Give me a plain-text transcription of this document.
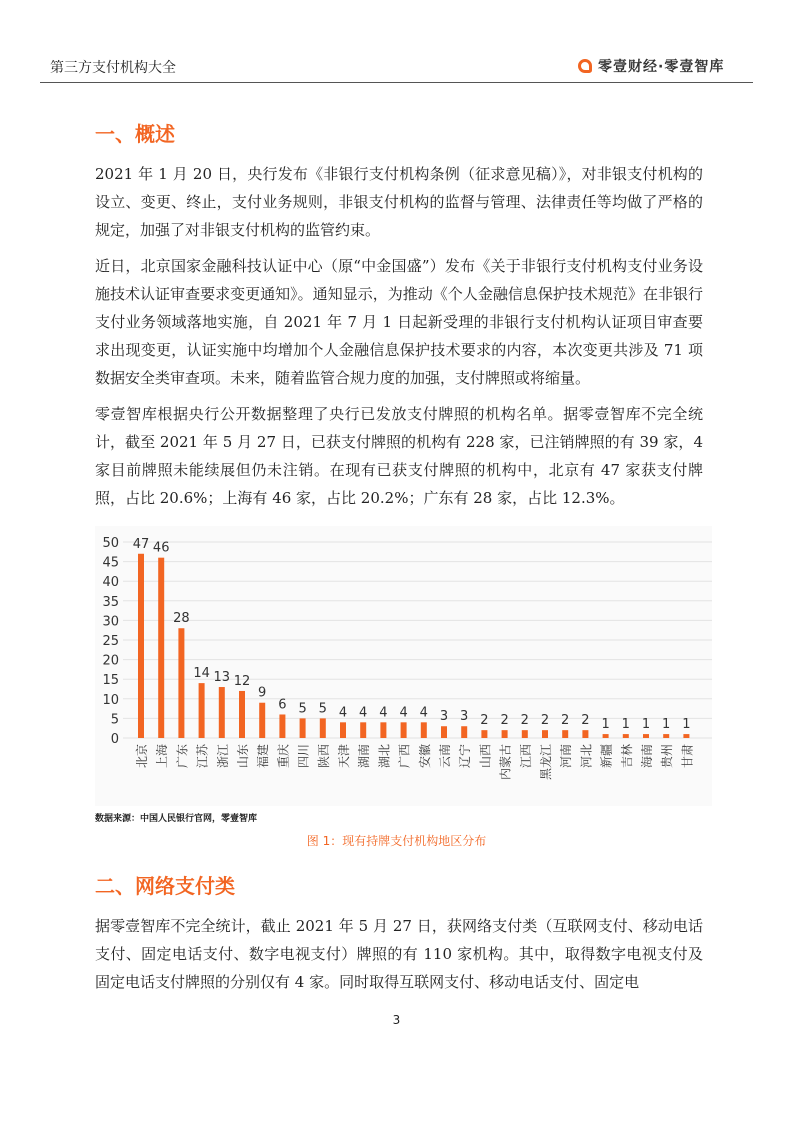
第三方支付机构大全	零壹财经·零壹智库
一、概述

2021 年 1 月 20 日，央行发布《非银行支付机构条例（征求意见稿）》，对非银支付机构的设立、变更、终止，支付业务规则，非银支付机构的监督与管理、法律责任等均做了严格的规定，加强了对非银支付机构的监管约束。

近日，北京国家金融科技认证中心（原“中金国盛”）发布《关于非银行支付机构支付业务设施技术认证审查要求变更通知》。通知显示，为推动《个人金融信息保护技术规范》在非银行支付业务领域落地实施，自 2021 年 7 月 1 日起新受理的非银行支付机构认证项目审查要求出现变更，认证实施中均增加个人金融信息保护技术要求的内容，本次变更共涉及 71 项数据安全类审查项。未来，随着监管合规力度的加强，支付牌照或将缩量。

零壹智库根据央行公开数据整理了央行已发放支付牌照的机构名单。据零壹智库不完全统计，截至 2021 年 5 月 27 日，已获支付牌照的机构有 228 家，已注销牌照的有 39 家，4 家目前牌照未能续展但仍未注销。在现有已获支付牌照的机构中，北京有 47 家获支付牌照，占比 20.6%；上海有 46 家，占比 20.2%；广东有 28 家，占比 12.3%。

0
5
10
15
20
25
30
35
40
45
50 47
北京
46
上海
28
广东
14
江苏
13
浙江
12
山东
9
福建
6
重庆
5
四川
5
陕西
4
天津
4
湖南
4
湖北
4
广西
4
安徽
3
云南
3
辽宁
2
山西
2
内蒙古
2
江西
2
黑龙江
2
河南
2
河北
1
新疆
1
吉林
1
海南
1
贵州
1
甘肃
数据来源：中国人民银行官网，零壹智库
图 1：现有持牌支付机构地区分布
二、网络支付类

据零壹智库不完全统计，截止 2021 年 5 月 27 日，获网络支付类（互联网支付、移动电话支付、固定电话支付、数字电视支付）牌照的有 110 家机构。其中，取得数字电视支付及固定电话支付牌照的分别仅有 4 家。同时取得互联网支付、移动电话支付、固定电

3
